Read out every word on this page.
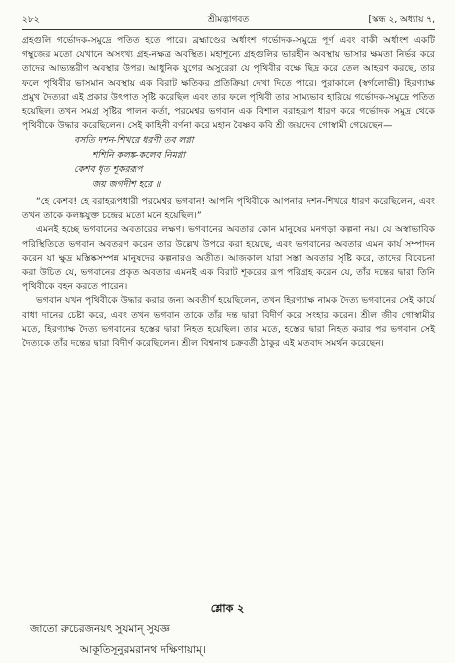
২৮২	শ্রীমদ্ভাগবত	[স্কন্ধ ২, অধ্যায় ৭,

গ্রহগুলি গর্ভোদক-সমুদ্রে পতিত হতে পারে। ব্রহ্মাণ্ডের অর্ধাংশ গর্ভোদক-সমুদ্রে পূর্ণ এবং বাকী অর্ধাংশ একটি গম্বুজের মতো যেখানে অসংখ্য গ্রহ-নক্ষত্র অবস্থিত। মহাশূন্যে গ্রহগুলির ভারহীন অবস্থায় ভাসার ক্ষমতা নির্ভর করে তাদের আভ্যন্তরীণ অবস্থার উপর। আধুনিক যুগের অসুরেরা যে পৃথিবীর বক্ষে ছিদ্র করে তেল আহরণ করছে, তার ফলে পৃথিবীর ভাসমান অবস্থায় এক বিরাট ক্ষতিকর প্রতিক্রিয়া দেখা দিতে পারে। পুরাকালে (স্বর্গলোভী) হিরণ্যাক্ষ প্রমুখ দৈত্যরা এই প্রকার উৎপাত সৃষ্টি করেছিল এবং তার ফলে পৃথিবী তার সাম্যভাব হারিয়ে গর্ভোদক-সমুদ্রে পতিত হয়েছিল। তখন সমগ্র সৃষ্টির পালন কর্তা, পরমেশ্বর ভগবান এক বিশাল বরাহরূপ ধারণ করে গর্ভোদক সমুদ্র থেকে পৃথিবীকে উদ্ধার করেছিলেন। সেই কাহিনী বর্ণনা করে মহান বৈষ্ণব কবি শ্রী জয়দেব গোস্বামী গেয়েছেন—

বসতি দশন-শিখরে ধরণী তব লগ্না
শশিনি কলঙ্ক-কলেব নিমগ্না
কেশব ধৃত শূকররূপ
জয় জগদীশ হরে ॥

“হে কেশব! হে বরাহরূপধারী পরমেশ্বর ভগবান! আপনি পৃথিবীকে আপনার দশন-শিখরে ধারণ করেছিলেন, এবং তখন তাকে কলঙ্কযুক্ত চন্দ্রের মতো মনে হয়েছিল।”

এমনই হচ্ছে ভগবানের অবতারের লক্ষণ। ভগবানের অবতার কোন মানুষের মনগড়া কল্পনা নয়। যে অস্বাভাবিক পরিস্থিতিতে ভগবান অবতরণ করেন তার উল্লেখ উপরে করা হয়েছে, এবং ভগবানের অবতার এমন কার্য সম্পাদন করেন যা ক্ষুদ্র মস্তিষ্কসম্পন্ন মানুষদের কল্পনারও অতীত। আজকাল যারা সস্তা অবতার সৃষ্টি করে, তাদের বিবেচনা করা উচিত যে, ভগবানের প্রকৃত অবতার এমনই এক বিরাট শূকরের রূপ পরিগ্রহ করেন যে, তাঁর দন্তের দ্বারা তিনি পৃথিবীকে বহন করতে পারেন।

ভগবান যখন পৃথিবীকে উদ্ধার করার জন্য অবতীর্ণ হয়েছিলেন, তখন হিরণ্যাক্ষ নামক দৈত্য ভগবানের সেই কার্যে বাধা দানের চেষ্টা করে, এবং তখন ভগবান তাকে তাঁর দন্ত দ্বারা বিদীর্ণ করে সংহার করেন। শ্রীল জীব গোস্বামীর মতে, হিরণ্যাক্ষ দৈত্য ভগবানের হস্তের দ্বারা নিহত হয়েছিল। তার মতে, হস্তের দ্বারা নিহত করার পর ভগবান সেই দৈত্যকে তাঁর দন্তের দ্বারা বিদীর্ণ করেছিলেন। শ্রীল বিশ্বনাথ চক্রবর্তী ঠাকুর এই মতবাদ সমর্থন করেছেন।

শ্লোক ২
জাতো রুচেরজনয়ৎ সুযমান্ সুযজ্ঞ
আকূতিসূনুরমরানথ দক্ষিণায়াম্।
